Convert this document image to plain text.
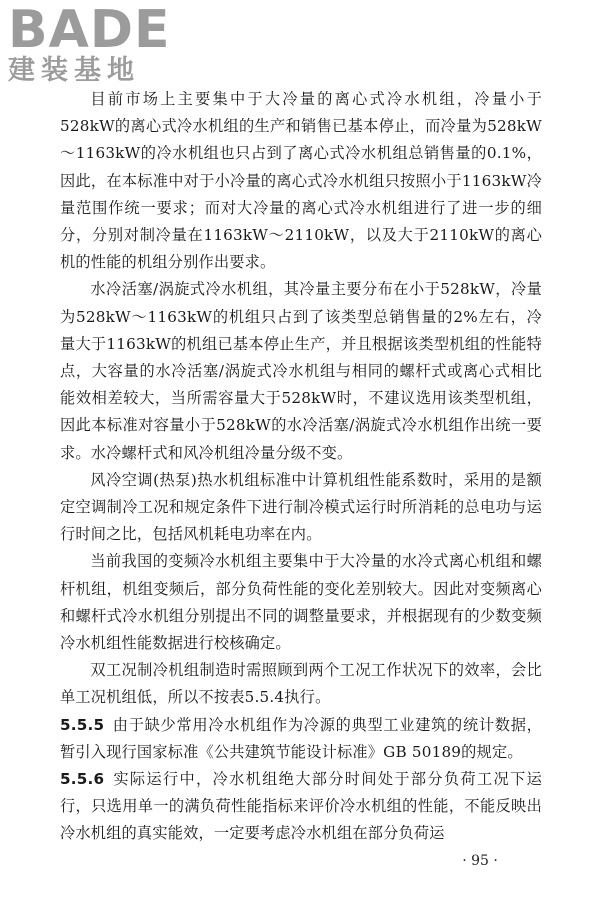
BADE
建装基地

目前市场上主要集中于大冷量的离心式冷水机组，冷量小于528kW的离心式冷水机组的生产和销售已基本停止，而冷量为528kW～1163kW的冷水机组也只占到了离心式冷水机组总销售量的0.1%，因此，在本标准中对于小冷量的离心式冷水机组只按照小于1163kW冷量范围作统一要求；而对大冷量的离心式冷水机组进行了进一步的细分，分别对制冷量在1163kW～2110kW，以及大于2110kW的离心机的性能的机组分别作出要求。

水冷活塞/涡旋式冷水机组，其冷量主要分布在小于528kW，冷量为528kW～1163kW的机组只占到了该类型总销售量的2%左右，冷量大于1163kW的机组已基本停止生产，并且根据该类型机组的性能特点，大容量的水冷活塞/涡旋式冷水机组与相同的螺杆式或离心式相比能效相差较大，当所需容量大于528kW时，不建议选用该类型机组，因此本标准对容量小于528kW的水冷活塞/涡旋式冷水机组作出统一要求。水冷螺杆式和风冷机组冷量分级不变。

风冷空调(热泵)热水机组标准中计算机组性能系数时，采用的是额定空调制冷工况和规定条件下进行制冷模式运行时所消耗的总电功与运行时间之比，包括风机耗电功率在内。

当前我国的变频冷水机组主要集中于大冷量的水冷式离心机组和螺杆机组，机组变频后，部分负荷性能的变化差别较大。因此对变频离心和螺杆式冷水机组分别提出不同的调整量要求，并根据现有的少数变频冷水机组性能数据进行校核确定。

双工况制冷机组制造时需照顾到两个工况工作状况下的效率，会比单工况机组低，所以不按表5.5.4执行。

5.5.5 由于缺少常用冷水机组作为冷源的典型工业建筑的统计数据，暂引入现行国家标准《公共建筑节能设计标准》GB 50189的规定。

5.5.6 实际运行中，冷水机组绝大部分时间处于部分负荷工况下运行，只选用单一的满负荷性能指标来评价冷水机组的性能，不能反映出冷水机组的真实能效，一定要考虑冷水机组在部分负荷运

· 95 ·
